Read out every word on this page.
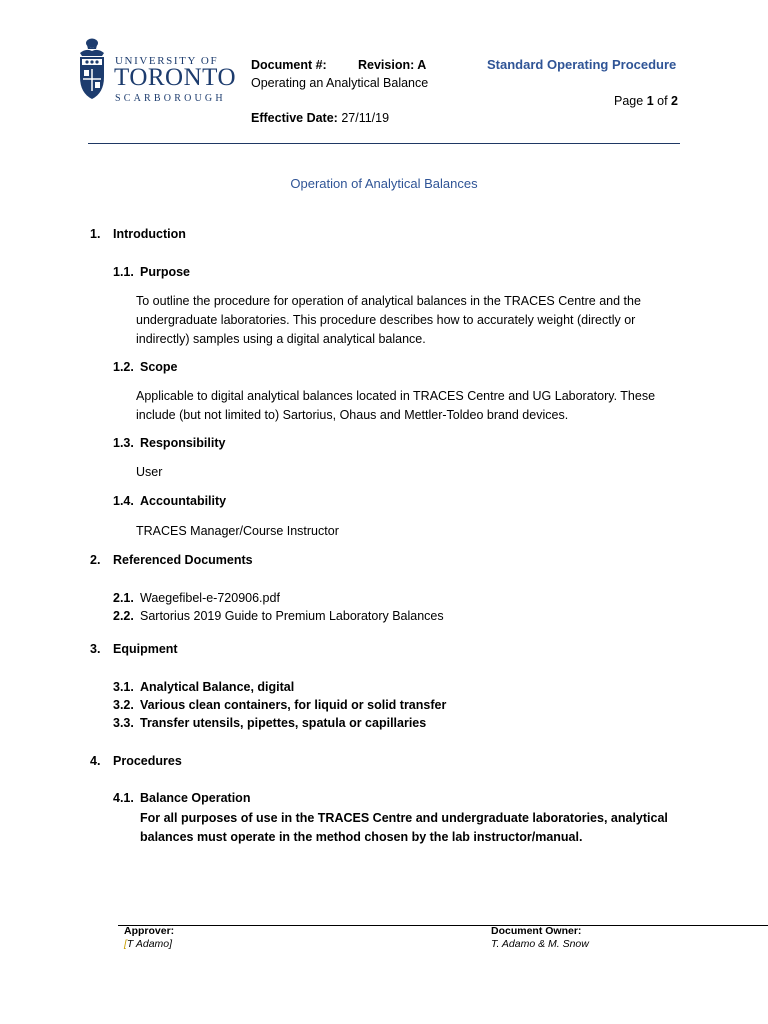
UNIVERSITY OF
TORONTO
SCARBOROUGH
Document #:	Revision: A
Operating an Analytical Balance
Effective Date: 27/11/19
Standard Operating Procedure
Page 1 of 2
Operation of Analytical Balances
1. Introduction
1.1. Purpose
To outline the procedure for operation of analytical balances in the TRACES Centre and the
undergraduate laboratories. This procedure describes how to accurately weight (directly or
indirectly) samples using a digital analytical balance.
1.2. Scope
Applicable to digital analytical balances located in TRACES Centre and UG Laboratory. These
include (but not limited to) Sartorius, Ohaus and Mettler-Toldeo brand devices.
1.3. Responsibility
User
1.4. Accountability
TRACES Manager/Course Instructor
2. Referenced Documents
2.1. Waegefibel-e-720906.pdf
2.2. Sartorius 2019 Guide to Premium Laboratory Balances
3. Equipment
3.1. Analytical Balance, digital
3.2. Various clean containers, for liquid or solid transfer
3.3. Transfer utensils, pipettes, spatula or capillaries
4. Procedures
4.1. Balance Operation
For all purposes of use in the TRACES Centre and undergraduate laboratories, analytical
balances must operate in the method chosen by the lab instructor/manual.
Approver:
[T Adamo]
Document Owner:
T. Adamo & M. Snow
